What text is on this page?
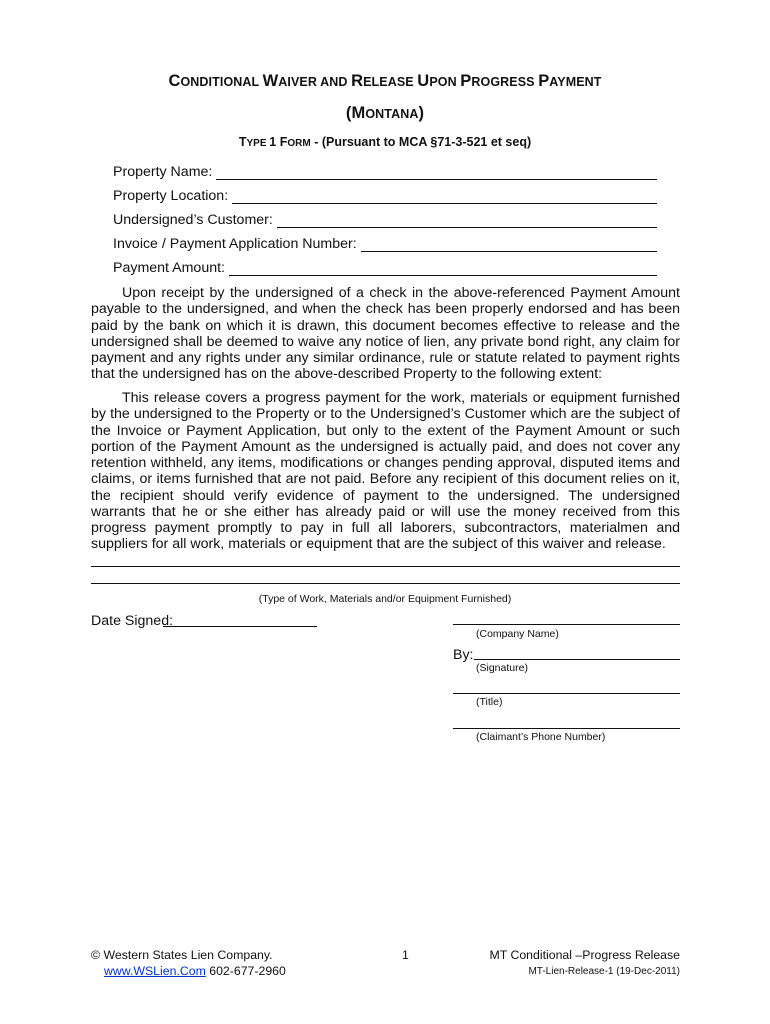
CONDITIONAL WAIVER AND RELEASE UPON PROGRESS PAYMENT
(MONTANA)
TYPE 1 FORM - (Pursuant to MCA §71-3-521 et seq)
Property Name:
Property Location:
Undersigned’s Customer:
Invoice / Payment Application Number:
Payment Amount:
Upon receipt by the undersigned of a check in the above-referenced Payment Amount payable to the undersigned, and when the check has been properly endorsed and has been paid by the bank on which it is drawn, this document becomes effective to release and the undersigned shall be deemed to waive any notice of lien, any private bond right, any claim for payment and any rights under any similar ordinance, rule or statute related to payment rights that the undersigned has on the above-described Property to the following extent:
This release covers a progress payment for the work, materials or equipment furnished by the undersigned to the Property or to the Undersigned’s Customer which are the subject of the Invoice or Payment Application, but only to the extent of the Payment Amount or such portion of the Payment Amount as the undersigned is actually paid, and does not cover any retention withheld, any items, modifications or changes pending approval, disputed items and claims, or items furnished that are not paid. Before any recipient of this document relies on it, the recipient should verify evidence of payment to the undersigned. The undersigned warrants that he or she either has already paid or will use the money received from this progress payment promptly to pay in full all laborers, subcontractors, materialmen and suppliers for all work, materials or equipment that are the subject of this waiver and release.
(Type of Work, Materials and/or Equipment Furnished)
Date Signed:
(Company Name)
By:
(Signature)
(Title)
(Claimant’s Phone Number)
© Western States Lien Company.
www.WSLien.Com 602-677-2960
1	MT Conditional –Progress Release
MT-Lien-Release-1 (19-Dec-2011)
